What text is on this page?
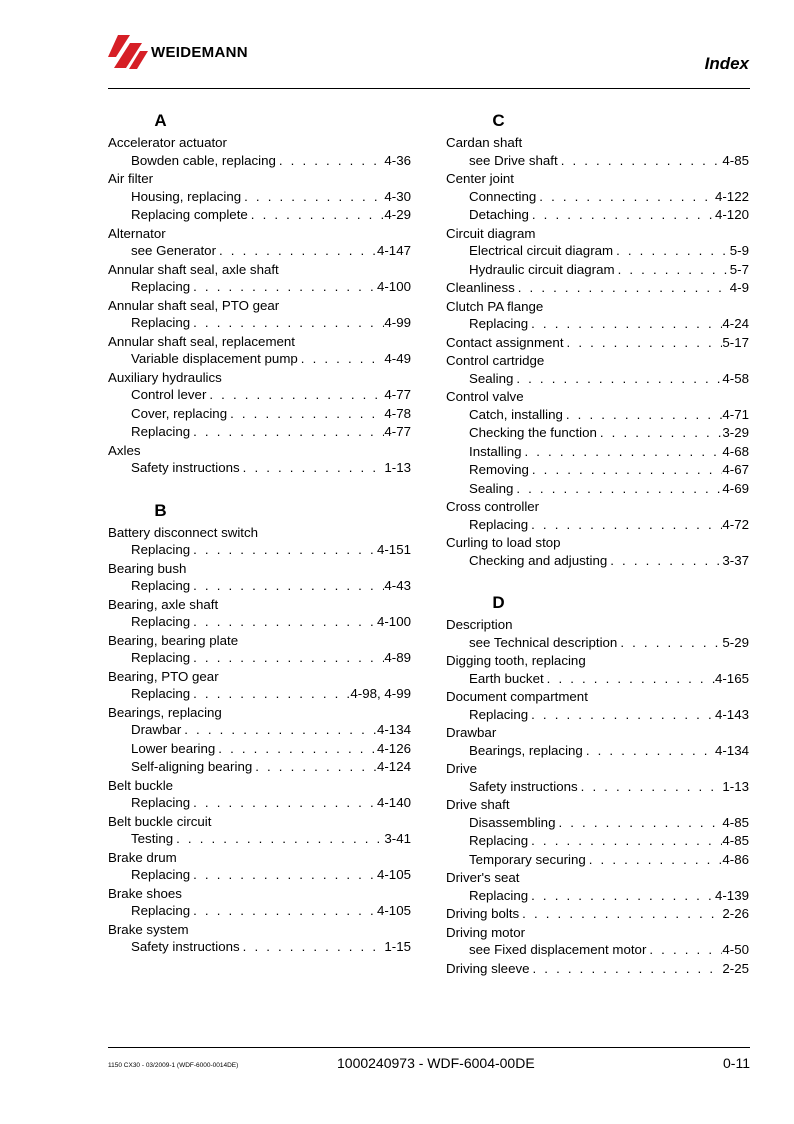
WEIDEMANN
Index
A
Accelerator actuator
Bowden cable, replacing . . .	4-36
Air filter
Housing, replacing . . .	4-30
Replacing complete . . .	4-29
Alternator
see Generator . . .	4-147
Annular shaft seal, axle shaft
Replacing . . .	4-100
Annular shaft seal, PTO gear
Replacing . . .	4-99
Annular shaft seal, replacement
Variable displacement pump . . .	4-49
Auxiliary hydraulics
Control lever . . .	4-77
Cover, replacing . . .	4-78
Replacing . . .	4-77
Axles
Safety instructions . . .	1-13
B
Battery disconnect switch
Replacing . . .	4-151
Bearing bush
Replacing . . .	4-43
Bearing, axle shaft
Replacing . . .	4-100
Bearing, bearing plate
Replacing . . .	4-89
Bearing, PTO gear
Replacing . . .	4-98, 4-99
Bearings, replacing
Drawbar . . .	4-134
Lower bearing . . .	4-126
Self-aligning bearing . . .	4-124
Belt buckle
Replacing . . .	4-140
Belt buckle circuit
Testing . . .	3-41
Brake drum
Replacing . . .	4-105
Brake shoes
Replacing . . .	4-105
Brake system
Safety instructions . . .	1-15
C
Cardan shaft
see Drive shaft . . .	4-85
Center joint
Connecting . . .	4-122
Detaching . . .	4-120
Circuit diagram
Electrical circuit diagram . . .	5-9
Hydraulic circuit diagram . . .	5-7
Cleanliness . . .	4-9
Clutch PA flange
Replacing . . .	4-24
Contact assignment . . .	5-17
Control cartridge
Sealing . . .	4-58
Control valve
Catch, installing . . .	4-71
Checking the function . . .	3-29
Installing . . .	4-68
Removing . . .	4-67
Sealing . . .	4-69
Cross controller
Replacing . . .	4-72
Curling to load stop
Checking and adjusting . . .	3-37
D
Description
see Technical description . . .	5-29
Digging tooth, replacing
Earth bucket . . .	4-165
Document compartment
Replacing . . .	4-143
Drawbar
Bearings, replacing . . .	4-134
Drive
Safety instructions . . .	1-13
Drive shaft
Disassembling . . .	4-85
Replacing . . .	4-85
Temporary securing . . .	4-86
Driver's seat
Replacing . . .	4-139
Driving bolts . . .	2-26
Driving motor
see Fixed displacement motor . . .	4-50
Driving sleeve . . .	2-25
1150 CX30 - 03/2009-1 (WDF-6000-0014DE)	1000240973 - WDF-6004-00DE	0-11
